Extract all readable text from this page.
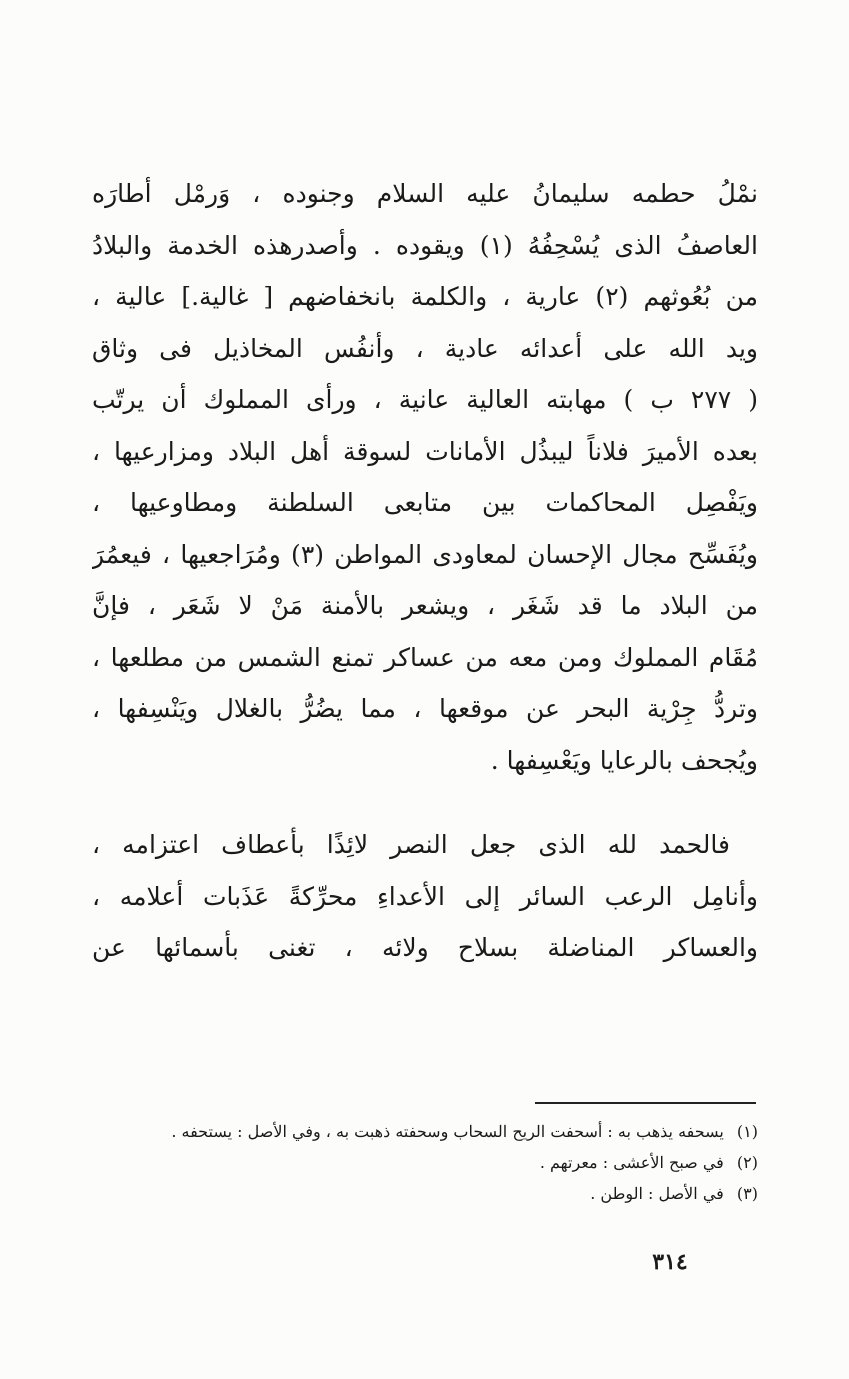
نمْلُ حطمه سليمانُ عليه السلام وجنوده ، وَرمْل أطارَه
العاصفُ الذى يُسْحِفُهُ (١) ويقوده . وأصدرهذه الخدمة والبلادُ
من بُعُوثهم (٢) عارية ، والكلمة بانخفاضهم [ غالية.] عالية ،
ويد الله على أعدائه عادية ، وأنفُس المخاذيل فى وثاق
( ٢٧٧ ب ) مهابته العالية عانية ، ورأى المملوك أن يرتّب
بعده الأميرَ فلاناً ليبذُل الأمانات لسوقة أهل البلاد ومزارعيها ،
ويَفْصِل المحاكمات بين متابعى السلطنة ومطاوعيها ،
ويُفَسِّح مجال الإحسان لمعاودى المواطن (٣) ومُرَاجعيها ، فيعمُرَ
من البلاد ما قد شَغَر ، ويشعر بالأمنة مَنْ لا شَعَر ، فإنَّ
مُقَام المملوك ومن معه من عساكر تمنع الشمس من مطلعها ،
وتردُّ جِرْية البحر عن موقعها ، مما يضُرُّ بالغلال ويَنْسِفها ،
ويُجحف بالرعايا ويَعْسِفها .
فالحمد لله الذى جعل النصر لائِذًا بأعطاف اعتزامه ،
وأنامِل الرعب السائر إلى الأعداءِ محرِّكةً عَذَبات أعلامه ،
والعساكر المناضلة بسلاح ولائه ، تغنى بأسمائها عن
(١) يسحفه يذهب به : أسحفت الريح السحاب وسحفته ذهبت به ، وفي الأصل : يستحفه .
(٢) في صبح الأعشى : معرتهم .
(٣) في الأصل : الوطن .
٣١٤
